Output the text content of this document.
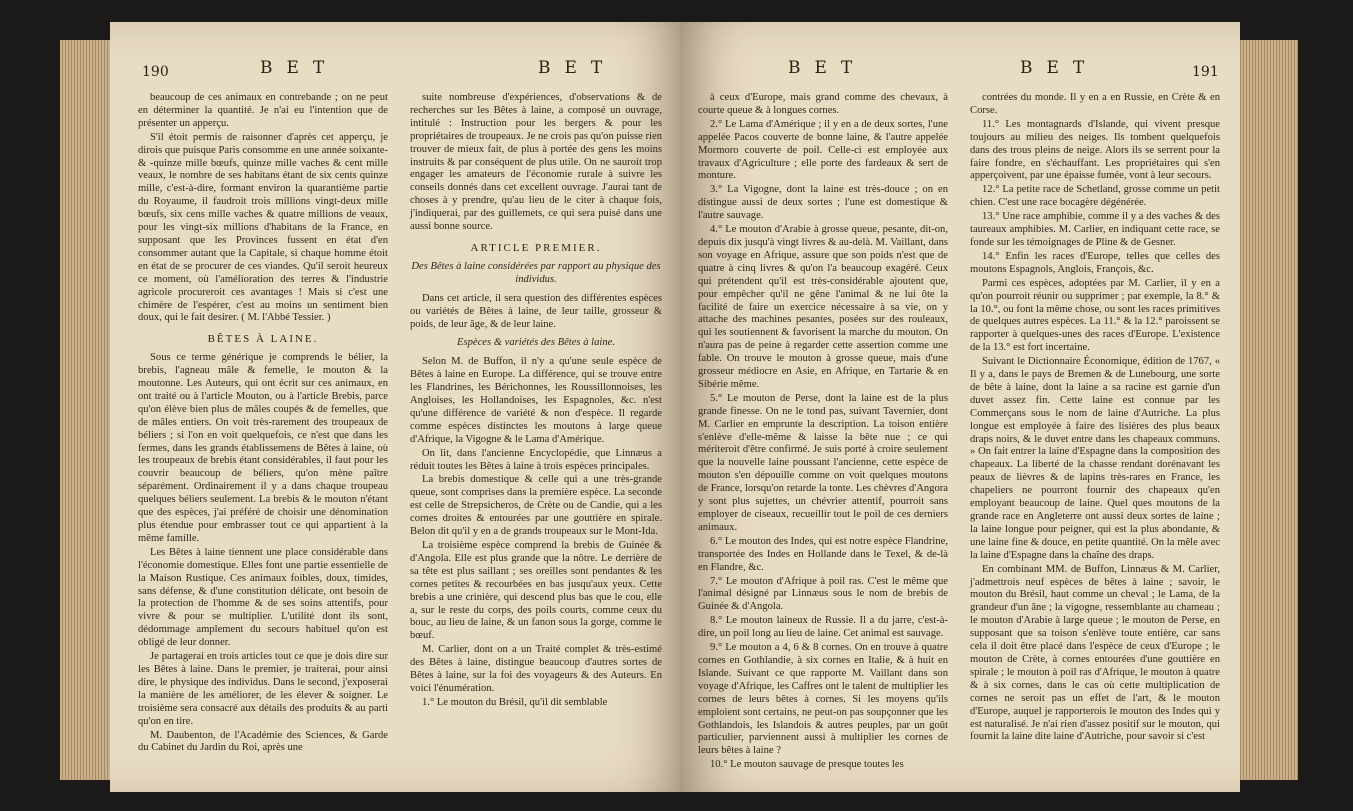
190	BET	BET

beaucoup de ces animaux en contrebande ; on ne peut en déterminer la quantité. Je n'ai eu l'intention que de présenter un apperçu.

S'il étoit permis de raisonner d'après cet apperçu, je dirois que puisque Paris consomme en une année soixante-& -quinze mille bœufs, quinze mille vaches & cent mille veaux, le nombre de ses habitans étant de six cents quinze mille, c'est-à-dire, formant environ la quarantième partie du Royaume, il faudroit trois millions vingt-deux mille bœufs, six cens mille vaches & quatre millions de veaux, pour les vingt-six millions d'habitans de la France, en supposant que les Provinces fussent en état d'en consommer autant que la Capitale, si chaque homme étoit en état de se procurer de ces viandes. Qu'il seroit heureux ce moment, où l'amélioration des terres & l'industrie agricole procureroit ces avantages ! Mais si c'est une chimère de l'espérer, c'est au moins un sentiment bien doux, qui le fait desirer. ( M. l'Abbé Tessier. )

BÊTES À LAINE.

Sous ce terme générique je comprends le bélier, la brebis, l'agneau mâle & femelle, le mouton & la moutonne. Les Auteurs, qui ont écrit sur ces animaux, en ont traité ou à l'article Mouton, ou à l'article Brebis, parce qu'on élève bien plus de mâles coupés & de femelles, que de mâles entiers. On voit très-rarement des troupeaux de béliers ; si l'on en voit quelquefois, ce n'est que dans les fermes, dans les grands établissemens de Bêtes à laine, où les troupeaux de brebis étant considérables, il faut pour les couvrir beaucoup de béliers, qu'on mène paître séparément. Ordinairement il y a dans chaque troupeau quelques béliers seulement. La brebis & le mouton n'étant que des espèces, j'ai préféré de choisir une dénomination plus étendue pour embrasser tout ce qui appartient à la même famille.

Les Bêtes à laine tiennent une place considérable dans l'économie domestique. Elles font une partie essentielle de la Maison Rustique. Ces animaux foibles, doux, timides, sans défense, & d'une constitution délicate, ont besoin de la protection de l'homme & de ses soins attentifs, pour vivre & pour se multiplier. L'utilité dont ils sont, dédommage amplement du secours habituel qu'on est obligé de leur donner.

Je partagerai en trois articles tout ce que je dois dire sur les Bêtes à laine. Dans le premier, je traiterai, pour ainsi dire, le physique des individus. Dans le second, j'exposerai la manière de les améliorer, de les élever & soigner. Le troisième sera consacré aux détails des produits & au parti qu'on en tire.

M. Daubenton, de l'Académie des Sciences, & Garde du Cabinet du Jardin du Roi, après une

suite nombreuse d'expériences, d'observations & de recherches sur les Bêtes à laine, a composé un ouvrage, intitulé : Instruction pour les bergers & pour les propriétaires de troupeaux. Je ne crois pas qu'on puisse rien trouver de mieux fait, de plus à portée des gens les moins instruits & par conséquent de plus utile. On ne sauroit trop engager les amateurs de l'économie rurale à suivre les conseils donnés dans cet excellent ouvrage. J'aurai tant de choses à y prendre, qu'au lieu de le citer à chaque fois, j'indiquerai, par des guillemets, ce qui sera puisé dans une aussi bonne source.

ARTICLE PREMIER.
Des Bêtes à laine considérées par rapport au physique des individus.

Dans cet article, il sera question des différentes espèces ou variétés de Bêtes à laine, de leur taille, grosseur & poids, de leur âge, & de leur laine.

Espèces & variétés des Bêtes à laine.

Selon M. de Buffon, il n'y a qu'une seule espèce de Bêtes à laine en Europe. La différence, qui se trouve entre les Flandrines, les Bérichonnes, les Roussillonnoises, les Angloises, les Hollandoises, les Espagnoles, &c. n'est qu'une différence de variété & non d'espèce. Il regarde comme espèces distinctes les moutons à large queue d'Afrique, la Vigogne & le Lama d'Amérique.

On lit, dans l'ancienne Encyclopédie, que Linnæus a réduit toutes les Bêtes à laine à trois espèces principales.

La brebis domestique & celle qui a une très-grande queue, sont comprises dans la première espèce. La seconde est celle de Strepsicheros, de Crète ou de Candie, qui a les cornes droites & entourées par une gouttière en spirale. Belon dit qu'il y en a de grands troupeaux sur le Mont-Ida.

La troisième espèce comprend la brebis de Guinée & d'Angola. Elle est plus grande que la nôtre. Le derrière de sa tête est plus saillant ; ses oreilles sont pendantes & les cornes petites & recourbées en bas jusqu'aux yeux. Cette brebis a une crinière, qui descend plus bas que le cou, elle a, sur le reste du corps, des poils courts, comme ceux du bouc, au lieu de laine, & un fanon sous la gorge, comme le bœuf.

M. Carlier, dont on a un Traité complet & très-estimé des Bêtes à laine, distingue beaucoup d'autres sortes de Bêtes à laine, sur la foi des voyageurs & des Auteurs. En voici l'énumération.

1.° Le mouton du Brésil, qu'il dit semblable

BET	BET	191

à ceux d'Europe, mais grand comme des chevaux, à courte queue & à longues cornes.

2.° Le Lama d'Amérique ; il y en a de deux sortes, l'une appelée Pacos couverte de bonne laine, & l'autre appelée Mormoro couverte de poil. Celle-ci est employée aux travaux d'Agriculture ; elle porte des fardeaux & sert de monture.

3.° La Vigogne, dont la laine est très-douce ; on en distingue aussi de deux sortes ; l'une est domestique & l'autre sauvage.

4.° Le mouton d'Arabie à grosse queue, pesante, dit-on, depuis dix jusqu'à vingt livres & au-delà. M. Vaillant, dans son voyage en Afrique, assure que son poids n'est que de quatre à cinq livres & qu'on l'a beaucoup exagéré. Ceux qui prétendent qu'il est très-considérable ajoutent que, pour empêcher qu'il ne gêne l'animal & ne lui ôte la facilité de faire un exercice nécessaire à sa vie, on y attache des machines pesantes, posées sur des rouleaux, qui les soutiennent & favorisent la marche du mouton. On n'aura pas de peine à regarder cette assertion comme une fable. On trouve le mouton à grosse queue, mais d'une grosseur médiocre en Asie, en Afrique, en Tartarie & en Sibérie même.

5.° Le mouton de Perse, dont la laine est de la plus grande finesse. On ne le tond pas, suivant Tavernier, dont M. Carlier en emprunte la description. La toison entière s'enlève d'elle-même & laisse la bête nue ; ce qui mériteroit d'être confirmé. Je suis porté à croire seulement que la nouvelle laine poussant l'ancienne, cette espèce de mouton s'en dépouille comme on voit quelques moutons de France, lorsqu'on retarde la tonte. Les chèvres d'Angora y sont plus sujettes, un chévrier attentif, pourroit sans employer de ciseaux, recueillir tout le poil de ces derniers animaux.

6.° Le mouton des Indes, qui est notre espèce Flandrine, transportée des Indes en Hollande dans le Texel, & de-là en Flandre, &c.

7.° Le mouton d'Afrique à poil ras. C'est le même que l'animal désigné par Linnæus sous le nom de brebis de Guinée & d'Angola.

8.° Le mouton laineux de Russie. Il a du jarre, c'est-à-dire, un poil long au lieu de laine. Cet animal est sauvage.

9.° Le mouton a 4, 6 & 8 cornes. On en trouve à quatre cornes en Gothlandie, à six cornes en Italie, & à huit en Islande. Suivant ce que rapporte M. Vaillant dans son voyage d'Afrique, les Caffres ont le talent de multiplier les cornes de leurs bêtes à cornes. Si les moyens qu'ils emploient sont certains, ne peut-on pas soupçonner que les Gothlandois, les Islandois & autres peuples, par un goût particulier, parviennent aussi à multiplier les cornes de leurs bêtes à laine ?

10.° Le mouton sauvage de presque toutes les

contrées du monde. Il y en a en Russie, en Crète & en Corse.

11.° Les montagnards d'Islande, qui vivent presque toujours au milieu des neiges. Ils tombent quelquefois dans des trous pleins de neige. Alors ils se serrent pour la faire fondre, en s'échauffant. Les propriétaires qui s'en apperçoivent, par une épaisse fumée, vont à leur secours.

12.° La petite race de Schetland, grosse comme un petit chien. C'est une race bocagère dégénérée.

13.° Une race amphibie, comme il y a des vaches & des taureaux amphibies. M. Carlier, en indiquant cette race, se fonde sur les témoignages de Pline & de Gesner.

14.° Enfin les races d'Europe, telles que celles des moutons Espagnols, Anglois, François, &c.

Parmi ces espèces, adoptées par M. Carlier, il y en a qu'on pourroit réunir ou supprimer ; par exemple, la 8.° & la 10.°, ou font la même chose, ou sont les races primitives de quelques autres espèces. La 11.° & la 12.° paroissent se rapporter à quelques-unes des races d'Europe. L'existence de la 13.° est fort incertaine.

Suivant le Dictionnaire Économique, édition de 1767, « Il y a, dans le pays de Bremen & de Lunebourg, une sorte de bête à laine, dont la laine a sa racine est garnie d'un duvet assez fin. Cette laine est connue par les Commerçans sous le nom de laine d'Autriche. La plus longue est employée à faire des lisières des plus beaux draps noirs, & le duvet entre dans les chapeaux communs. » On fait entrer la laine d'Espagne dans la composition des chapeaux. La liberté de la chasse rendant dorénavant les peaux de lièvres & de lapins très-rares en France, les chapeliers ne pourront fournir des chapeaux qu'en employant beaucoup de laine. Quel ques moutons de la grande race en Angleterre ont aussi deux sortes de laine ; la laine longue pour peigner, qui est la plus abondante, & une laine fine & douce, en petite quantité. On la mêle avec la laine d'Espagne dans la chaîne des draps.

En combinant MM. de Buffon, Linnæus & M. Carlier, j'admettrois neuf espèces de bêtes à laine ; savoir, le mouton du Brésil, haut comme un cheval ; le Lama, de la grandeur d'un âne ; la vigogne, ressemblante au chameau ; le mouton d'Arabie à large queue ; le mouton de Perse, en supposant que sa toison s'enlève toute entière, car sans cela il doit être placé dans l'espèce de ceux d'Europe ; le mouton de Crète, à cornes entourées d'une gouttière en spirale ; le mouton à poil ras d'Afrique, le mouton à quatre & à six cornes, dans le cas où cette multiplication de cornes ne seroit pas un effet de l'art, & le mouton d'Europe, auquel je rapporterois le mouton des Indes qui y est naturalisé. Je n'ai rien d'assez positif sur le mouton, qui fournit la laine dite laine d'Autriche, pour savoir si c'est
